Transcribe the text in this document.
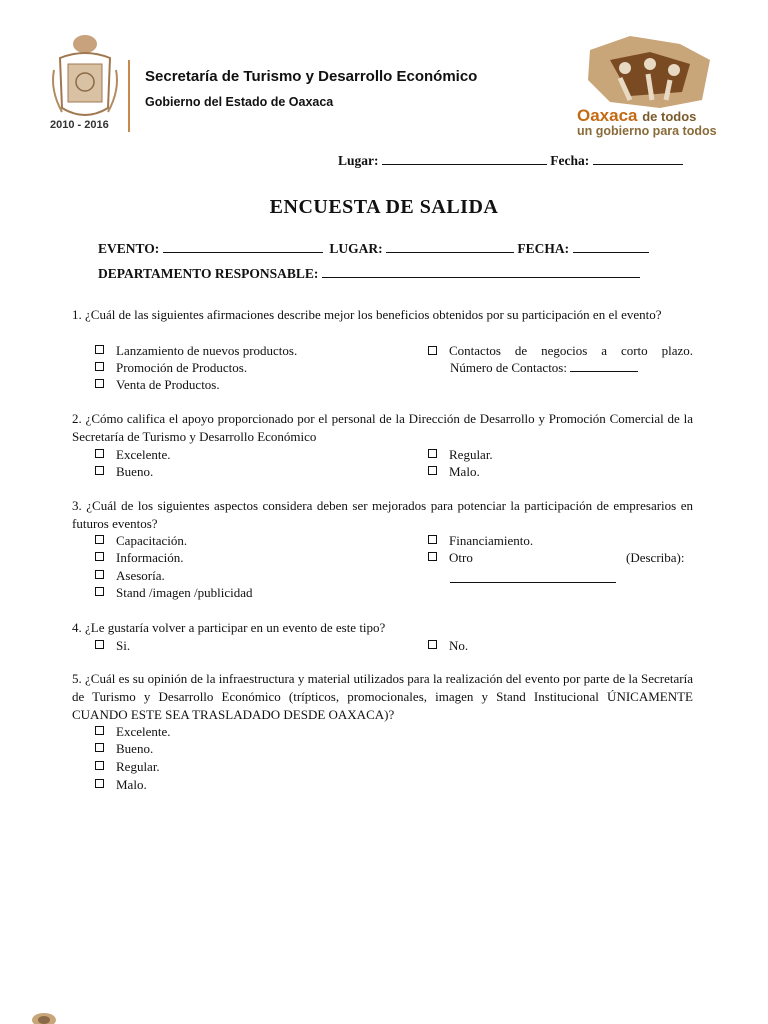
2010 - 2016
Secretaría de Turismo y Desarrollo Económico
Gobierno del Estado de Oaxaca
Oaxaca de todos
un gobierno para todos
Lugar:	Fecha:
ENCUESTA DE SALIDA
EVENTO:	LUGAR:	FECHA:
DEPARTAMENTO RESPONSABLE:
1. ¿Cuál de las siguientes afirmaciones describe mejor los beneficios obtenidos por su participación en el evento?
Lanzamiento de nuevos productos.
Promoción de Productos.
Venta de Productos.
Contactos de negocios a corto plazo.
Número de Contactos:
2. ¿Cómo califica el apoyo proporcionado por el personal de la Dirección de Desarrollo y Promoción Comercial de la Secretaría de Turismo y Desarrollo Económico
Excelente.
Bueno.
Regular.
Malo.
3. ¿Cuál de los siguientes aspectos considera deben ser mejorados para potenciar la participación de empresarios en futuros eventos?
Capacitación.
Información.
Asesoría.
Stand /imagen /publicidad
Financiamiento.
Otro	(Describa):
4. ¿Le gustaría volver a participar en un evento de este tipo?
Si.	No.
5. ¿Cuál es su opinión de la infraestructura y material utilizados para la realización del evento por parte de la Secretaría de Turismo y Desarrollo Económico (trípticos, promocionales, imagen y Stand Institucional ÚNICAMENTE CUANDO ESTE SEA TRASLADADO DESDE OAXACA)?
Excelente.
Bueno.
Regular.
Malo.
